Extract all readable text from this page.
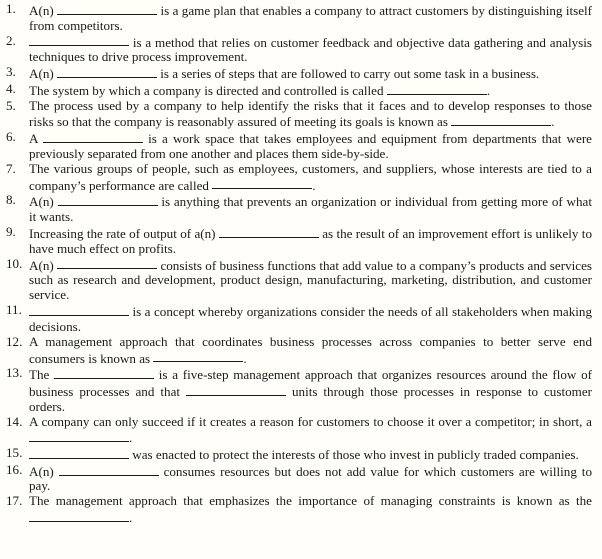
1. A(n)	is a game plan that enables a company to attract customers by distinguishing itself from competitors.
2.	is a method that relies on customer feedback and objective data gathering and analysis techniques to drive process improvement.
3. A(n)	is a series of steps that are followed to carry out some task in a business.
4. The system by which a company is directed and controlled is called	.
5. The process used by a company to help identify the risks that it faces and to develop responses to those risks so that the company is reasonably assured of meeting its goals is known as	.
6. A	is a work space that takes employees and equipment from departments that were previously separated from one another and places them side-by-side.
7. The various groups of people, such as employees, customers, and suppliers, whose interests are tied to a company’s performance are called	.
8. A(n)	is anything that prevents an organization or individual from getting more of what it wants.
9. Increasing the rate of output of a(n)	as the result of an improvement effort is unlikely to have much effect on profits.
10. A(n)	consists of business functions that add value to a company’s products and services such as research and development, product design, manufacturing, marketing, distribution, and customer service.
11.	is a concept whereby organizations consider the needs of all stakeholders when making decisions.
12. A management approach that coordinates business processes across companies to better serve end consumers is known as	.
13. The	is a five-step management approach that organizes resources around the flow of business processes and that	units through those processes in response to customer orders.
14. A company can only succeed if it creates a reason for customers to choose it over a competitor; in short, a .
15.	was enacted to protect the interests of those who invest in publicly traded companies.
16. A(n)	consumes resources but does not add value for which customers are willing to pay.
17. The management approach that emphasizes the importance of managing constraints is known as the .
